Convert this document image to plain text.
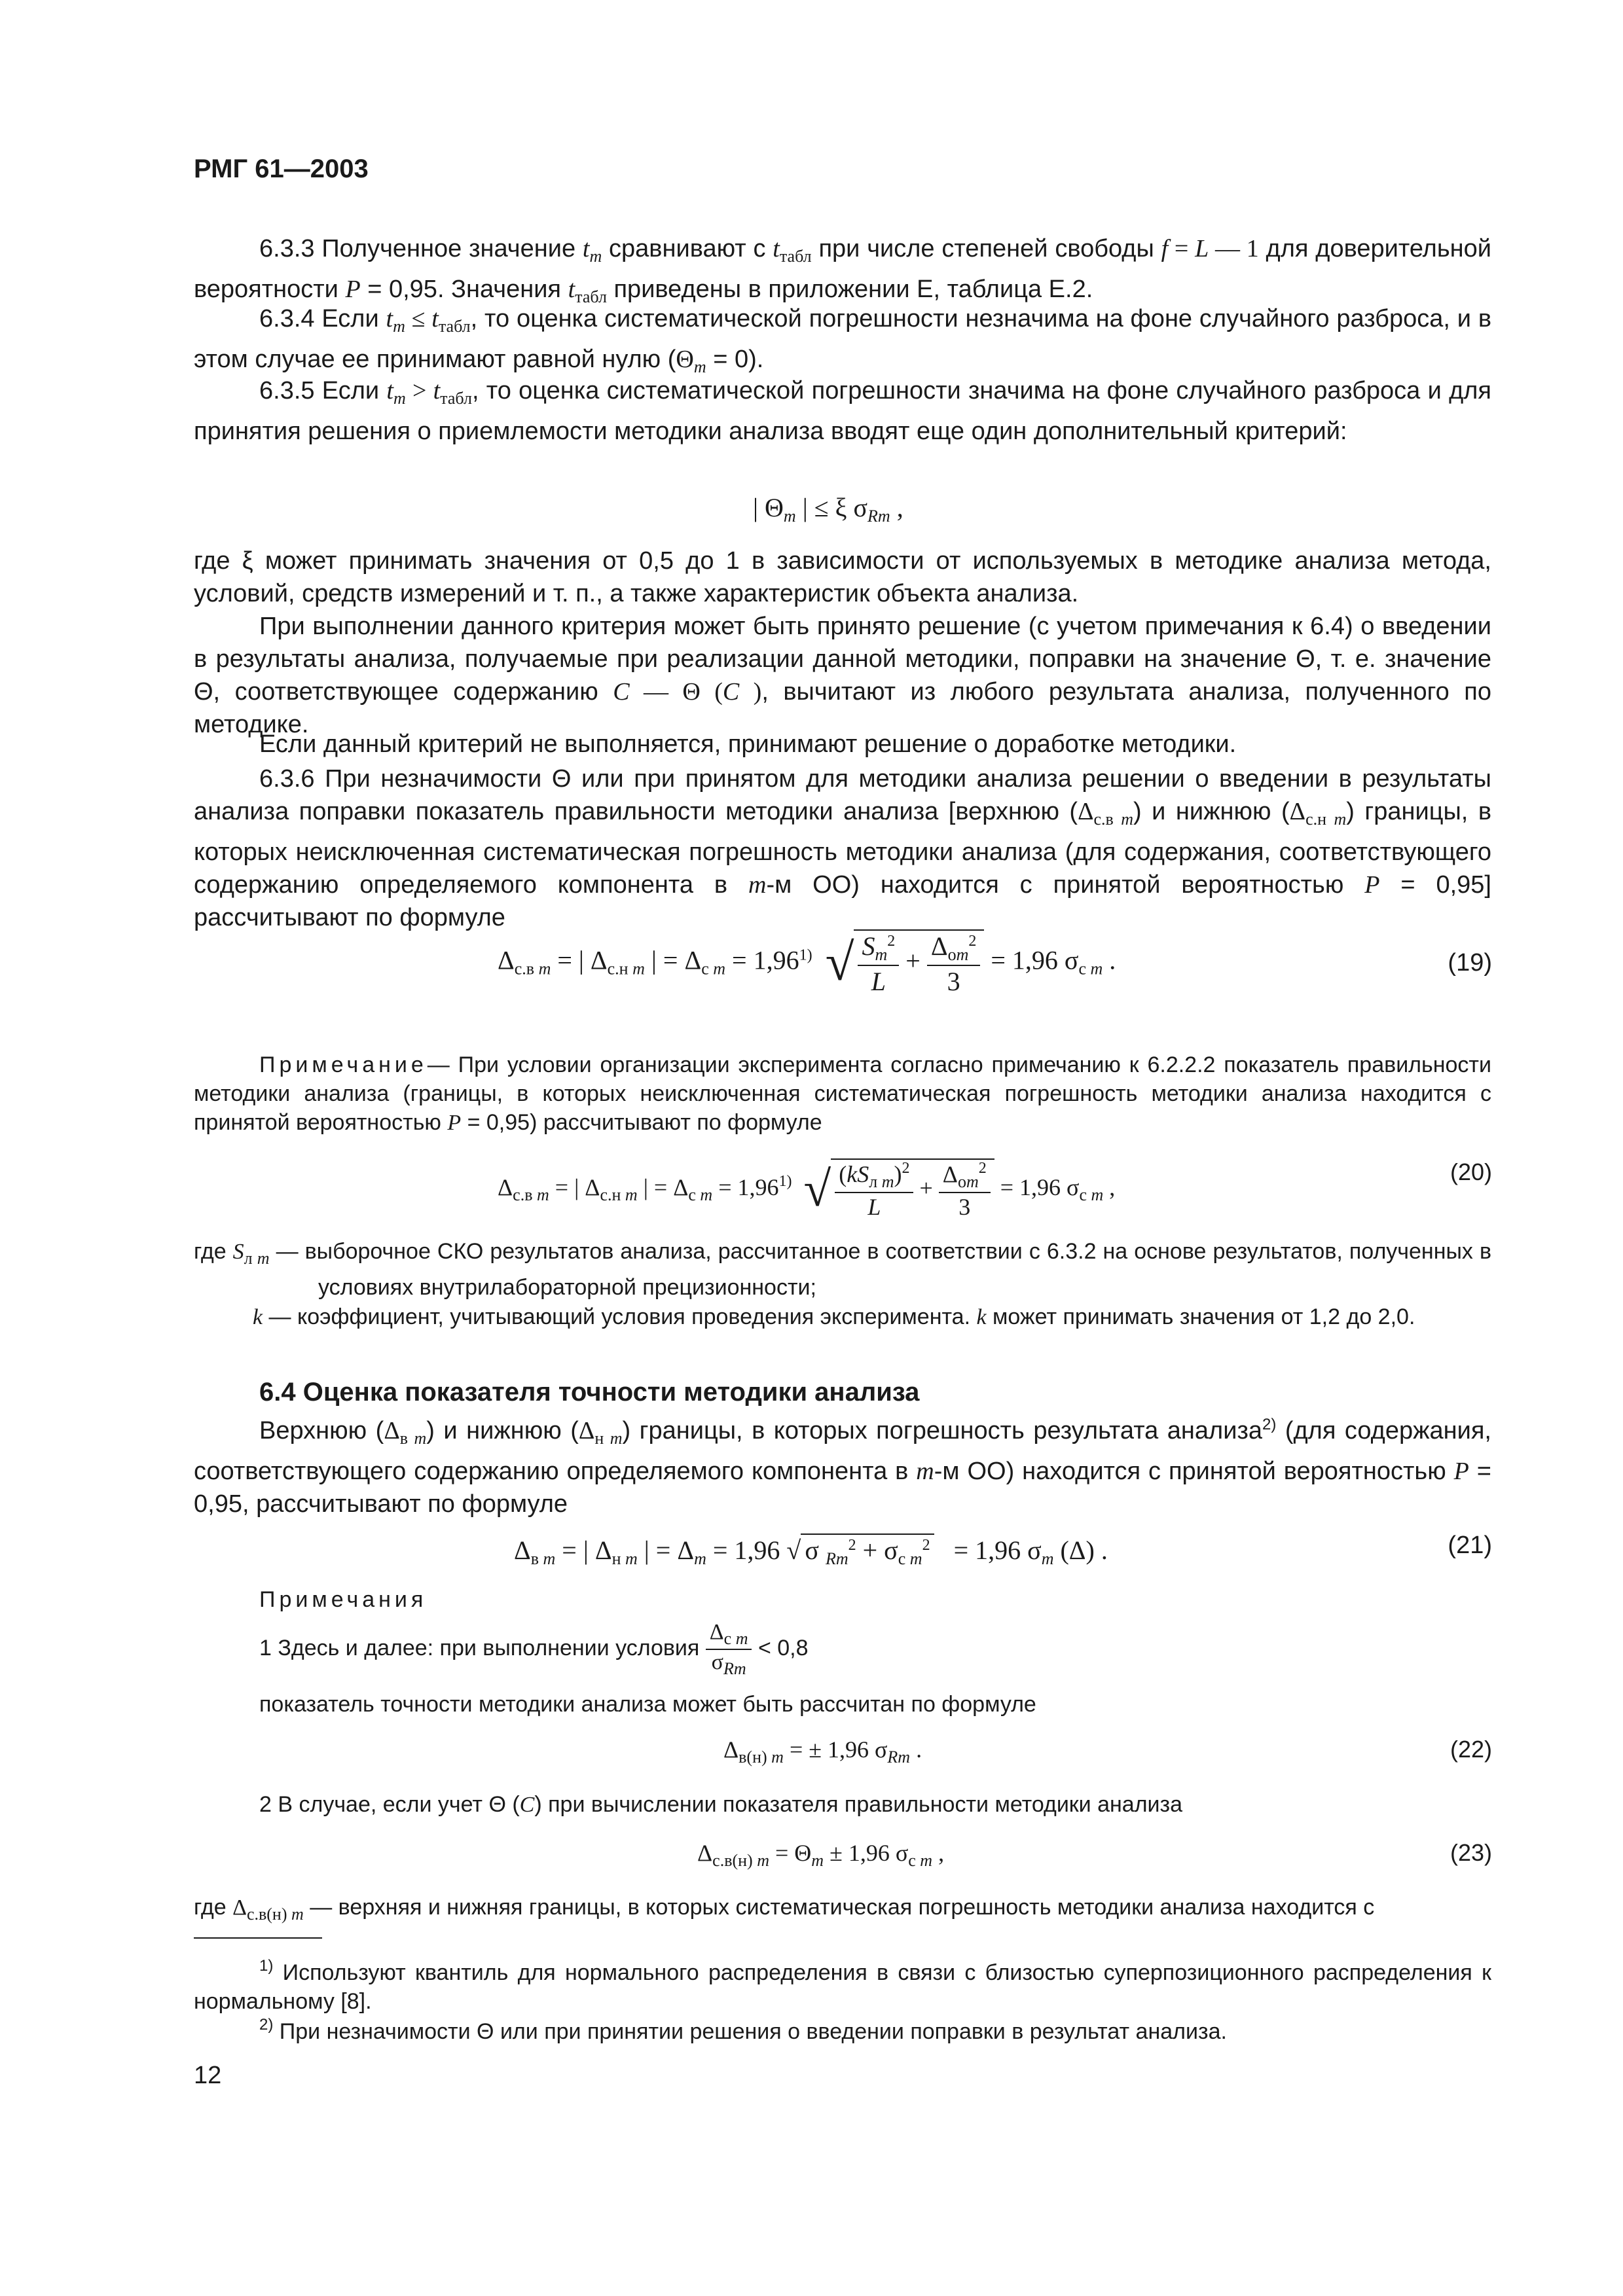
РМГ 61—2003
6.3.3 Полученное значение $t_m$ сравнивают с $t_{табл}$ при числе степеней свободы f = L — 1 для доверительной вероятности P = 0,95. Значения $t_{табл}$ приведены в приложении Е, таблица Е.2.
6.3.4 Если $t_m \le t_{табл}$, то оценка систематической погрешности незначима на фоне случайного разброса, и в этом случае ее принимают равной нулю $(\Theta_m = 0)$.
6.3.5 Если $t_m > t_{табл}$, то оценка систематической погрешности значима на фоне случайного разброса и для принятия решения о приемлемости методики анализа вводят еще один дополнительный критерий:
| $\Theta_m$ | ≤ ξ $\sigma_{Rm}$ ,
где ξ может принимать значения от 0,5 до 1 в зависимости от используемых в методике анализа метода, условий, средств измерений и т. п., а также характеристик объекта анализа.
При выполнении данного критерия может быть принято решение (с учетом примечания к 6.4) о введении в результаты анализа, получаемые при реализации данной методики, поправки на значение Θ, т. е. значение Θ, соответствующее содержанию C — Θ (C ), вычитают из любого результата анализа, полученного по методике.
Если данный критерий не выполняется, принимают решение о доработке методики.
6.3.6 При незначимости Θ или при принятом для методики анализа решении о введении в результаты анализа поправки показатель правильности методики анализа [верхнюю $(\Delta_{с.в m})$ и нижнюю $(\Delta_{с.н m})$ границы, в которых неисключенная систематическая погрешность методики анализа (для содержания, соответствующего содержанию определяемого компонента в m-м ОО) находится с принятой вероятностью P = 0,95] рассчитывают по формуле
$\Delta_{с.в m}$ = | $\Delta_{с.н m}$ | = $\Delta_{с m} = 1,96^{1)}$ √ $\frac{S_m^2}{L} + \frac{\Delta_{оm}^2}{3} = 1,96$ $\sigma_{с m}$ .	(19)
Примечание— При условии организации эксперимента согласно примечанию к 6.2.2.2 показатель правильности методики анализа (границы, в которых неисключенная систематическая погрешность методики анализа находится с принятой вероятностью P = 0,95) рассчитывают по формуле
$\Delta_{с.в m}$ = | $\Delta_{с.н m}$ | = $\Delta_{с m} = 1,96^{1)}$ √ $\frac{(kS_{л m})^2}{L} + \frac{\Delta_{оm}^2}{3} = 1,96$ $\sigma_{с m}$ ,
(20)
где $S_{л m}$ — выборочное СКО результатов анализа, рассчитанное в соответствии с 6.3.2 на основе результатов, полученных в условиях внутрилабораторной прецизионности;
k — коэффициент, учитывающий условия проведения эксперимента. k может принимать значения от 1,2 до 2,0.
6.4 Оценка показателя точности методики анализа
Верхнюю $(\Delta_{в m})$ и нижнюю $(\Delta_{н m})$ границы, в которых погрешность результата анализа$^{2)}$ (для содержания, соответствующего содержанию определяемого компонента в m-м ОО) находится с принятой вероятностью P = 0,95, рассчитывают по формуле
$\Delta_{в m}$ = | $\Delta_{н m}$ | = $\Delta_m = 1,96$ √ σ $_{Rm}^2 + \sigma_{с m}^2 = 1,96$ $\sigma_m$ (Δ) .	(21)
Примечания
1 Здесь и далее: при выполнении условия $\frac{\Delta_{с m}}{\sigma_{Rm}} < 0,8$
показатель точности методики анализа может быть рассчитан по формуле
$\Delta_{в(н) m}$ = ± 1,96 $\sigma_{Rm}$ .	(22)
2 В случае, если учет Θ (C) при вычислении показателя правильности методики анализа
$\Delta_{с.в(н) m} = \Theta_m \pm 1,96$ $\sigma_{с m}$ ,	(23)
где $\Delta_{с.в(н) m}$ — верхняя и нижняя границы, в которых систематическая погрешность методики анализа находится с
$^{1)}$ Используют квантиль для нормального распределения в связи с близостью суперпозиционного распределения к нормальному [8].
$^{2)}$ При незначимости Θ или при принятии решения о введении поправки в результат анализа.
12
